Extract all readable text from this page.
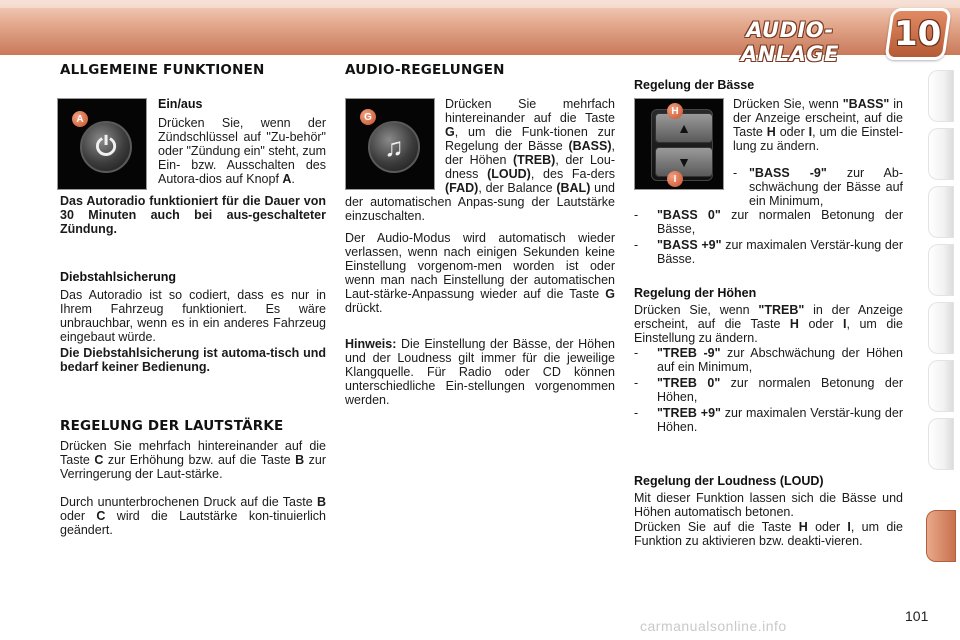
AUDIO-ANLAGE	10
ALLGEMEINE FUNKTIONEN
⏻
A
Ein/aus
Drücken Sie, wenn der Zündschlüssel auf "Zu-behör" oder "Zündung ein" steht, zum Ein- bzw. Ausschalten des Autora-dios auf Knopf A.
Das Autoradio funktioniert für die Dauer von 30 Minuten auch bei aus-geschalteter Zündung.
Diebstahlsicherung
Das Autoradio ist so codiert, dass es nur in Ihrem Fahrzeug funktioniert. Es wäre unbrauchbar, wenn es in ein anderes Fahrzeug eingebaut würde.
Die Diebstahlsicherung ist automa-tisch und bedarf keiner Bedienung.
REGELUNG DER LAUTSTÄRKE
Drücken Sie mehrfach hintereinander auf die Taste C zur Erhöhung bzw. auf die Taste B zur Verringerung der Laut-stärke.
Durch ununterbrochenen Druck auf die Taste B oder C wird die Lautstärke kon-tinuierlich geändert.
AUDIO-REGELUNGEN
♫
G
Drücken Sie mehrfach hintereinander auf die Taste G, um die Funk-tionen zur Regelung der Bässe (BASS), der Höhen (TREB), der Lou-dness (LOUD), des Fa-ders (FAD), der Balance (BAL) und der automatischen Anpas-sung der Lautstärke einzuschalten.
Der Audio-Modus wird automatisch wieder verlassen, wenn nach einigen Sekunden keine Einstellung vorgenom-men worden ist oder wenn man nach Einstellung der automatischen Laut-stärke-Anpassung wieder auf die Taste G drückt.
Hinweis: Die Einstellung der Bässe, der Höhen und der Loudness gilt immer für die jeweilige Klangquelle. Für Radio oder CD können unterschiedliche Ein-stellungen vorgenommen werden.
Regelung der Bässe
▲
▼
H
I
Drücken Sie, wenn "BASS" in der Anzeige erscheint, auf die Taste H oder I, um die Einstel-lung zu ändern.
- "BASS -9" zur Ab-schwächung der Bässe auf ein Minimum,
- "BASS 0" zur normalen Betonung der Bässe,
- "BASS +9" zur maximalen Verstär-kung der Bässe.
Regelung der Höhen
Drücken Sie, wenn "TREB" in der Anzeige erscheint, auf die Taste H oder I, um die Einstellung zu ändern.
- "TREB -9" zur Abschwächung der Höhen auf ein Minimum,
- "TREB 0" zur normalen Betonung der Höhen,
- "TREB +9" zur maximalen Verstär-kung der Höhen.
Regelung der Loudness (LOUD)
Mit dieser Funktion lassen sich die Bässe und Höhen automatisch betonen.
Drücken Sie auf die Taste H oder I, um die Funktion zu aktivieren bzw. deakti-vieren.
101
carmanualsonline.info
